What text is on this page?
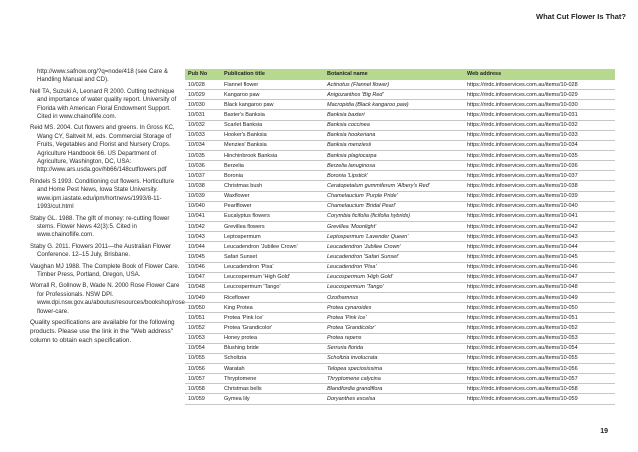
What Cut Flower Is That?
http://www.safnow.org/?q=node/418 (see Care & Handling Manual and CD).
Nell TA, Suzuki A, Leonard R 2000. Cutting technique and importance of water quality report. University of Florida with American Floral Endowment Support. Cited in www.chainoflife.com.
Reid MS. 2004. Cut flowers and greens. In Gross KC, Wang CY, Saltveit M, eds. Commercial Storage of Fruits, Vegetables and Florist and Nursery Crops. Agriculture Handbook 66. US Department of Agriculture, Washington, DC, USA: http://www.ars.usda.gov/hb66/148cutflowers.pdf
Rindels S 1993. Conditioning cut flowers. Horticulture and Home Pest News, Iowa State University. www.ipm.iastate.edu/ipm/hortnews/1993/8-11-1993/cut.html
Staby GL. 1988. The gift of money: re-cutting flower stems. Flower News 42(3):5. Cited in www.chainoflife.com.
Staby G. 2011. Flowers 2011—the Australian Flower Conference. 12–15 July, Brisbane.
Vaughan MJ 1988. The Complete Book of Flower Care. Timber Press, Portland, Oregon, USA.
Worrall R, Gollnow B, Wade N. 2000 Rose Flower Care for Professionals. NSW DPI. www.dpi.nsw.gov.au/aboutus/resources/bookshop/rose-flower-care.
Quality specifications are available for the following products. Please use the link in the "Web address" column to obtain each specification.
Pub No	Publication title	Botanical name	Web address
10/028	Flannel flower	Actinotus (Flannel flower)	https://rirdc.infoservices.com.au/items/10-028
10/029	Kangaroo paw	Anigozanthos 'Big Red'	https://rirdc.infoservices.com.au/items/10-029
10/030	Black kangaroo paw	Macropidia (Black kangaroo paw)	https://rirdc.infoservices.com.au/items/10-030
10/031	Baxter's Banksia	Banksia baxteri	https://rirdc.infoservices.com.au/items/10-031
10/032	Scarlet Banksia	Banksia coccinea	https://rirdc.infoservices.com.au/items/10-032
10/033	Hooker's Banksia	Banksia hookeriana	https://rirdc.infoservices.com.au/items/10-033
10/034	Menzies' Banksia	Banksia menziesii	https://rirdc.infoservices.com.au/items/10-034
10/035	Hinchinbrook Banksia	Banksia plagiocarpa	https://rirdc.infoservices.com.au/items/10-035
10/036	Berzelia	Berzelia lanuginosa	https://rirdc.infoservices.com.au/items/10-036
10/037	Boronia	Boronia 'Lipstick'	https://rirdc.infoservices.com.au/items/10-037
10/038	Christmas bush	Ceratopetalum gummiferum 'Albery's Red'	https://rirdc.infoservices.com.au/items/10-038
10/039	Waxflower	Chamelaucium 'Purple Pride'	https://rirdc.infoservices.com.au/items/10-039
10/040	Pearlflower	Chamelaucium 'Bridal Pearl'	https://rirdc.infoservices.com.au/items/10-040
10/041	Eucalyptus flowers	Corymbia ficifolia (ficifolia hybrids)	https://rirdc.infoservices.com.au/items/10-041
10/042	Grevillea flowers	Grevillea 'Moonlight'	https://rirdc.infoservices.com.au/items/10-042
10/043	Leptospermum	Leptospermum 'Lavender Queen'	https://rirdc.infoservices.com.au/items/10-043
10/044	Leucadendron 'Jubilee Crown'	Leucadendron 'Jubilee Crown'	https://rirdc.infoservices.com.au/items/10-044
10/045	Safari Sunset	Leucadendron 'Safari Sunset'	https://rirdc.infoservices.com.au/items/10-045
10/046	Leucadendron 'Pisa'	Leucadendron 'Pisa'	https://rirdc.infoservices.com.au/items/10-046
10/047	Leucospermum 'High Gold'	Leucospermum 'High Gold'	https://rirdc.infoservices.com.au/items/10-047
10/048	Leucospermum 'Tango'	Leucospermum 'Tango'	https://rirdc.infoservices.com.au/items/10-048
10/049	Riceflower	Ozothamnus	https://rirdc.infoservices.com.au/items/10-049
10/050	King Protea	Protea cynaroides	https://rirdc.infoservices.com.au/items/10-050
10/051	Protea 'Pink Ice'	Protea 'Pink Ice'	https://rirdc.infoservices.com.au/items/10-051
10/052	Protea 'Grandicolor'	Protea 'Grandicolor'	https://rirdc.infoservices.com.au/items/10-052
10/053	Honey protea	Protea repens	https://rirdc.infoservices.com.au/items/10-053
10/054	Blushing bride	Serruria florida	https://rirdc.infoservices.com.au/items/10-054
10/055	Scholtzia	Scholtzia involucrata	https://rirdc.infoservices.com.au/items/10-055
10/056	Waratah	Telopea speciosissima	https://rirdc.infoservices.com.au/items/10-056
10/057	Thryptomene	Thryptomene calycina	https://rirdc.infoservices.com.au/items/10-057
10/058	Christmas bells	Blandfordia grandiflora	https://rirdc.infoservices.com.au/items/10-058
10/059	Gymea lily	Doryanthes excelsa	https://rirdc.infoservices.com.au/items/10-059
19
